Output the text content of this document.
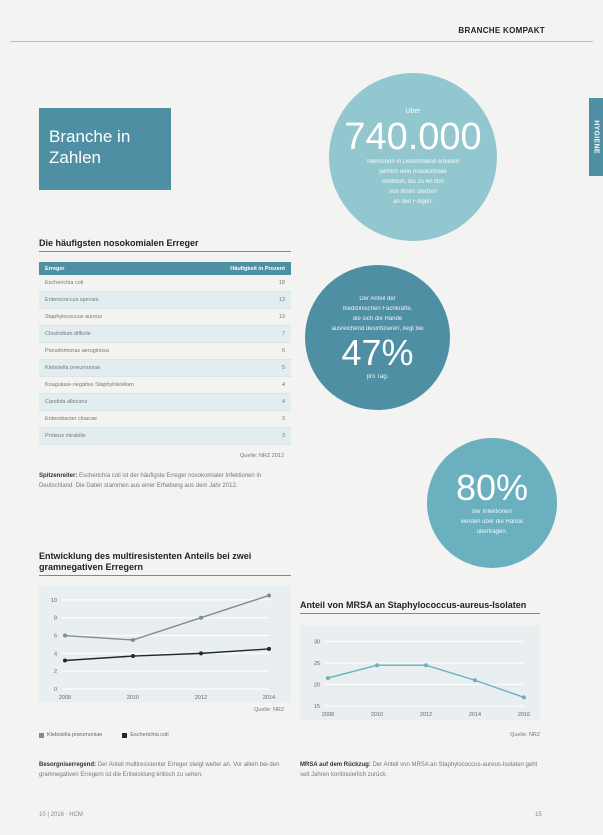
BRANCHE KOMPAKT
HYGIENE
Branche in
Zahlen
Über
740.000
Menschen in Deutschland erleiden
jährlich eine nosokomiale
Infektion, bis zu 40.000
von ihnen sterben
an den Folgen.
Der Anteil der
medizinischen Fachkräfte,
die sich die Hände
ausreichend desinfizieren, liegt bei
47%
pro Tag.
80%
der Infektionen
werden über die Hände
übertragen.
Die häufigsten nosokomialen Erreger
Erreger	Häufigkeit in Prozent
Escherichia coli	18
Enterococcus species	13
Staphylococcus aureus	13
Clostridium difficile	7
Pseudomonas aeruginosa	6
Klebsiella pneumoniae	5
Koagulase-negative Staphylokokken	4
Candida albicans	4
Enterobacter cloacae	3
Proteus mirabilis	3
Quelle: NRZ 2012
Spitzenreiter: Escherichia coli ist der häufigste Erreger nosokomialer Infektionen in Deutschland. Die Daten stammen aus einer Erhebung aus dem Jahr 2012.
Entwicklung des multiresistenten Anteils bei zwei
gramnegativen Erregern
0
2
4
6
8
10
2008	2010	2012	2014
Quelle: NRZ
Klebsiella pneumoniae	Escherichia coli
Anteil von MRSA an Staphylococcus-aureus-Isolaten
15
20
25
30
2008	2010	2012	2014	2016
Quelle: NRZ
Besorgniserregend: Der Anteil multiresistenter Erreger steigt weiter an. Vor allem bei den gramnegativen Erregern ist die Entwicklung kritisch zu sehen.
MRSA auf dem Rückzug: Der Anteil von MRSA an Staphylococcus-aureus-Isolaten geht seit Jahren kontinuierlich zurück.
10 | 2016 · HCM	15
